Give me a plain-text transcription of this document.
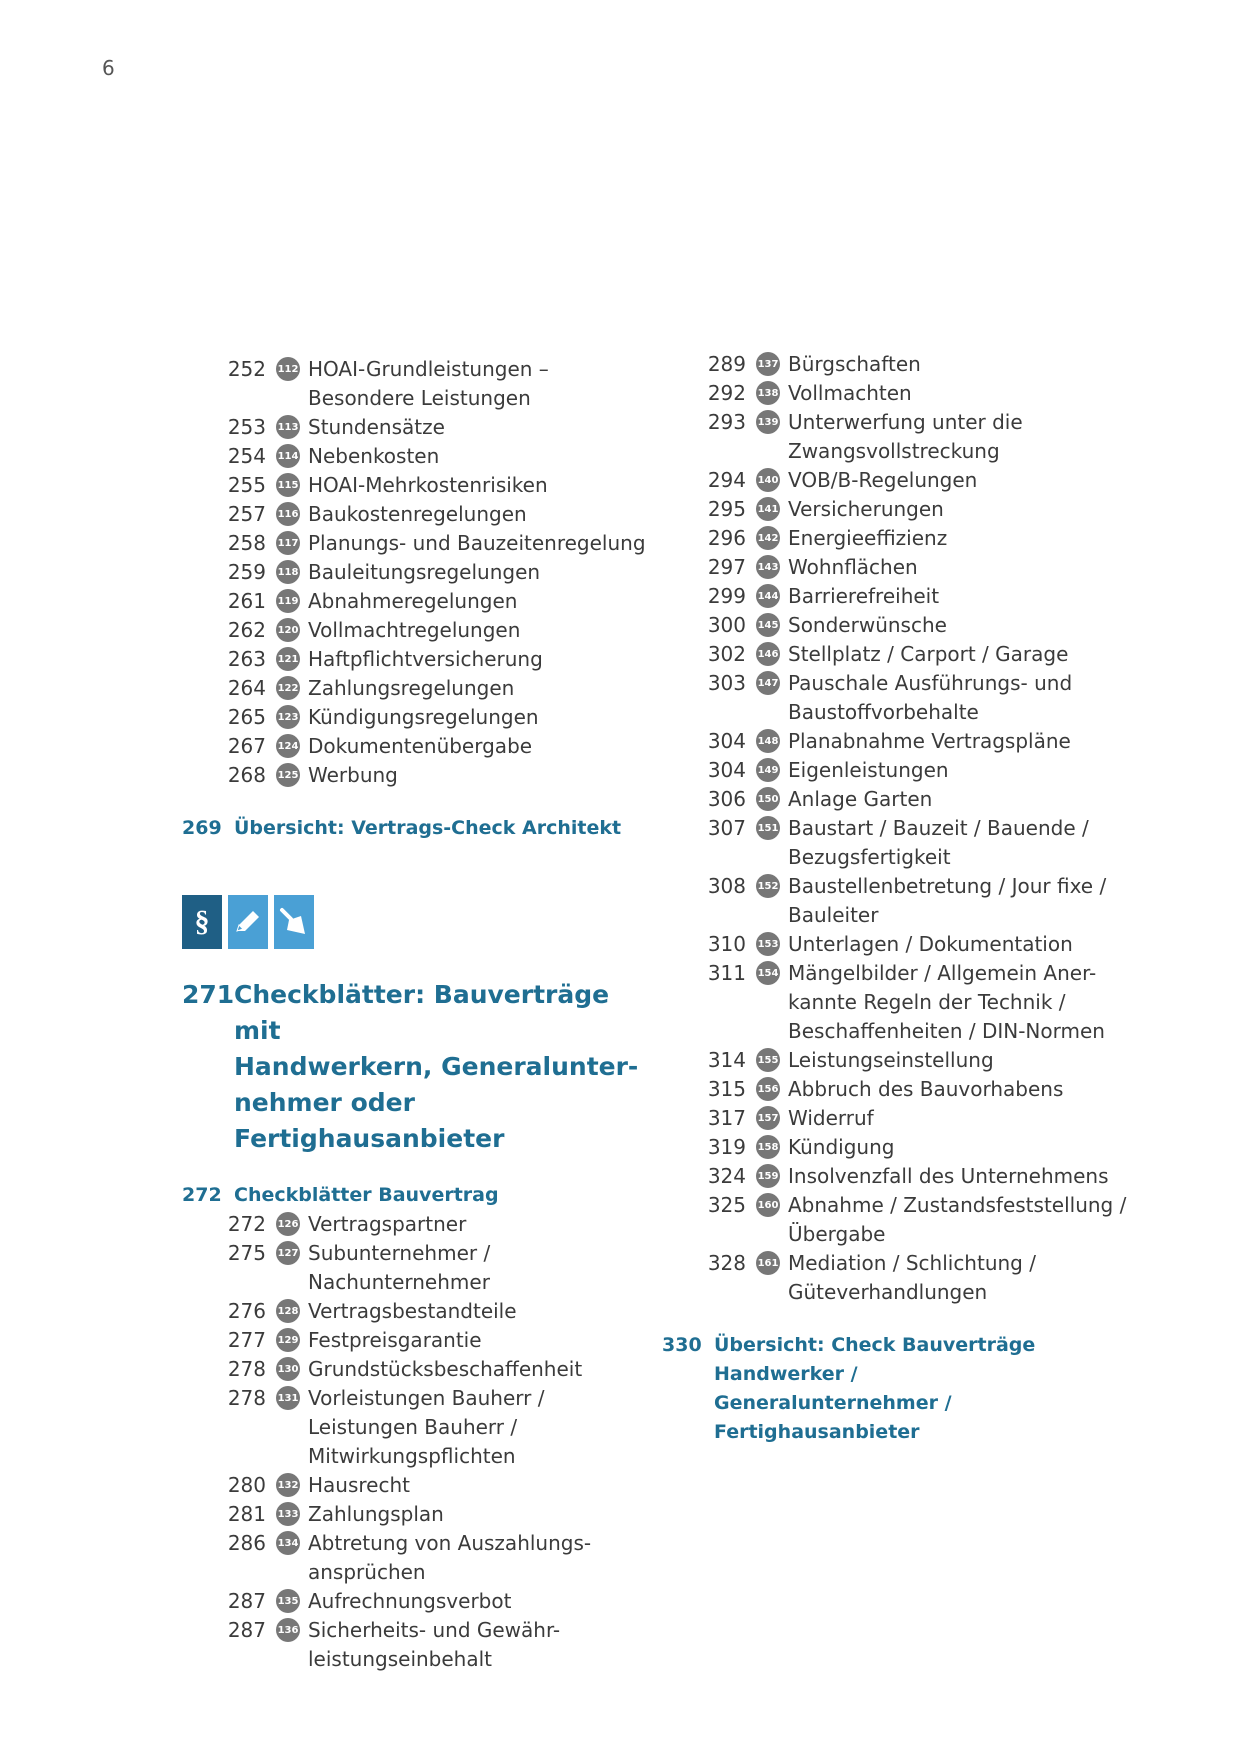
6
252	112 HOAI-Grundleistungen –
Besondere Leistungen
253	113 Stundensätze
254	114 Nebenkosten
255	115 HOAI-Mehrkostenrisiken
257	116 Baukostenregelungen
258	117 Planungs- und Bauzeitenregelung
259	118 Bauleitungsregelungen
261	119 Abnahmeregelungen
262	120 Vollmachtregelungen
263	121 Haftpflichtversicherung
264	122 Zahlungsregelungen
265	123 Kündigungsregelungen
267	124 Dokumentenübergabe
268	125 Werbung
269 Übersicht: Vertrags-Check Architekt
§
271 Checkblätter: Bauverträge mit
Handwerkern, Generalunter-
nehmer oder Fertighausanbieter
272 Checkblätter Bauvertrag
272	126 Vertragspartner
275	127 Subunternehmer /
Nachunternehmer
276	128 Vertragsbestandteile
277	129 Festpreisgarantie
278	130 Grundstücksbeschaffenheit
278	131 Vorleistungen Bauherr /
Leistungen Bauherr /
Mitwirkungspflichten
280	132 Hausrecht
281	133 Zahlungsplan
286	134 Abtretung von Auszahlungs-
ansprüchen
287	135 Aufrechnungsverbot
287	136 Sicherheits- und Gewähr-
leistungseinbehalt
289	137 Bürgschaften
292	138 Vollmachten
293	139 Unterwerfung unter die
Zwangsvollstreckung
294	140 VOB/B-Regelungen
295	141 Versicherungen
296	142 Energieeffizienz
297	143 Wohnflächen
299	144 Barrierefreiheit
300	145 Sonderwünsche
302	146 Stellplatz / Carport / Garage
303	147 Pauschale Ausführungs- und
Baustoffvorbehalte
304	148 Planabnahme Vertragspläne
304	149 Eigenleistungen
306	150 Anlage Garten
307	151 Baustart / Bauzeit / Bauende /
Bezugsfertigkeit
308	152 Baustellenbetretung / Jour fixe /
Bauleiter
310	153 Unterlagen / Dokumentation
311	154 Mängelbilder / Allgemein Aner-
kannte Regeln der Technik /
Beschaffenheiten / DIN-Normen
314	155 Leistungseinstellung
315	156 Abbruch des Bauvorhabens
317	157 Widerruf
319	158 Kündigung
324	159 Insolvenzfall des Unternehmens
325	160 Abnahme / Zustandsfeststellung /
Übergabe
328	161 Mediation / Schlichtung /
Güteverhandlungen
330 Übersicht: Check Bauverträge Handwerker /
Generalunternehmer / Fertighausanbieter
